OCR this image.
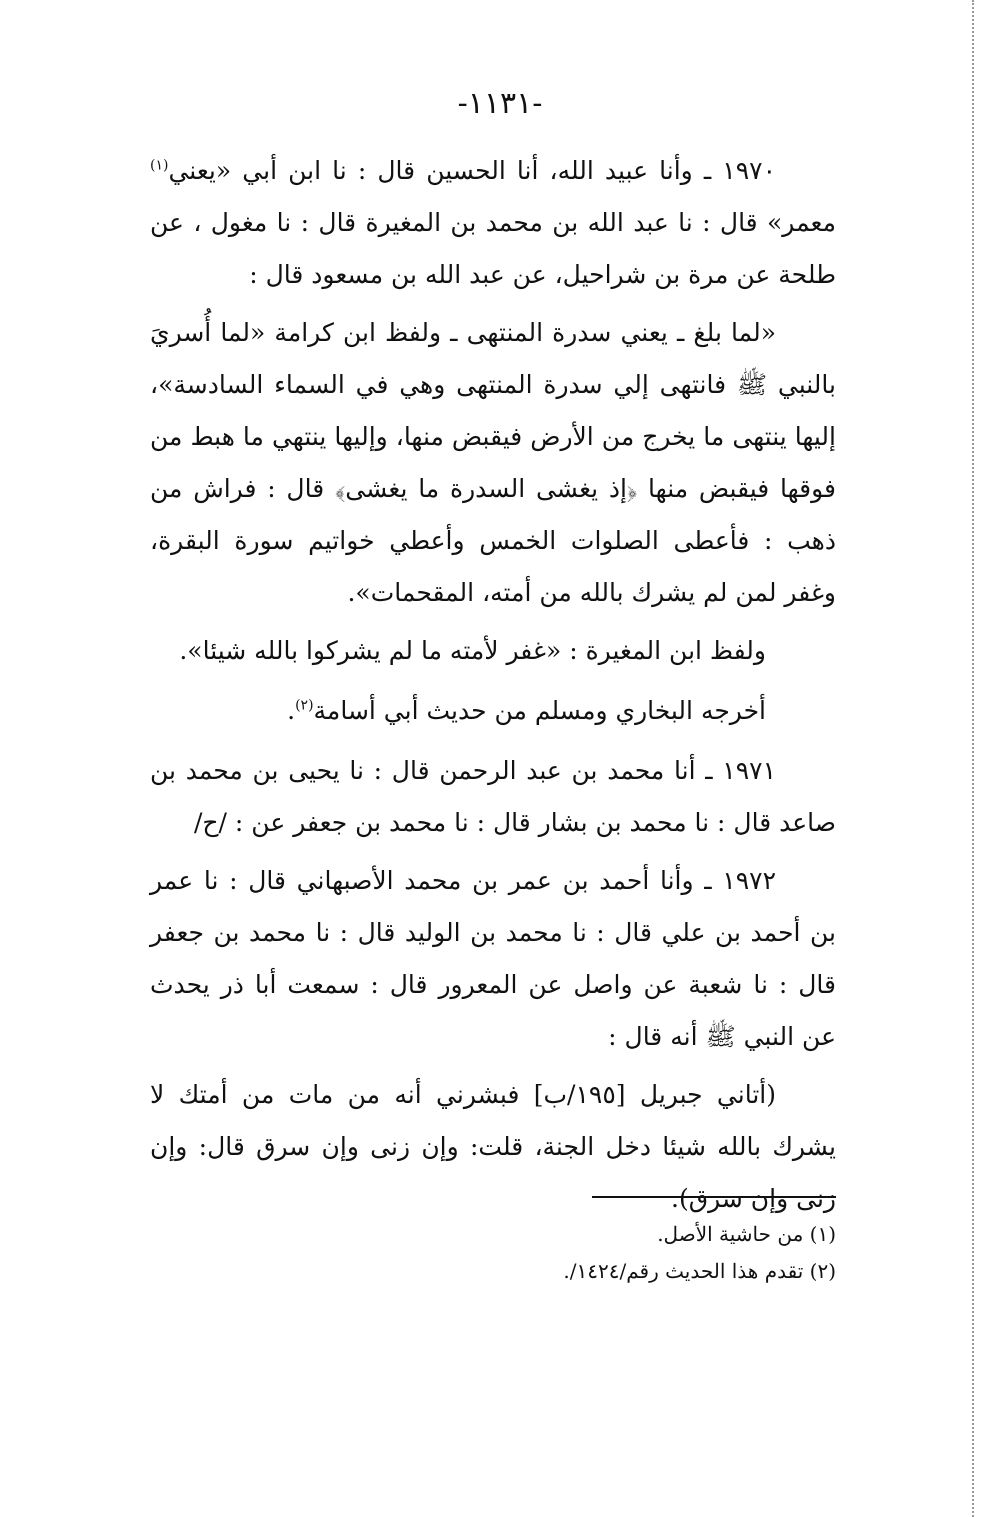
-١١٣١-

١٩٧٠ ـ وأنا عبيد الله، أنا الحسين قال : نا ابن أبي «يعني$^{(١)}$ معمر» قال : نا عبد الله بن محمد بن المغيرة قال : نا مغول ، عن طلحة عن مرة بن شراحيل، عن عبد الله بن مسعود قال :

«لما بلغ ـ يعني سدرة المنتهى ـ ولفظ ابن كرامة «لما أُسريَ بالنبي ﷺ فانتهى إلي سدرة المنتهى وهي في السماء السادسة»، إليها ينتهى ما يخرج من الأرض فيقبض منها، وإليها ينتهي ما هبط من فوقها فيقبض منها ﴿إذ يغشى السدرة ما يغشى﴾ قال : فراش من ذهب : فأعطى الصلوات الخمس وأعطي خواتيم سورة البقرة، وغفر لمن لم يشرك بالله من أمته، المقحمات».

ولفظ ابن المغيرة : «غفر لأمته ما لم يشركوا بالله شيئا».

أخرجه البخاري ومسلم من حديث أبي أسامة$^{(٢)}$.

١٩٧١ ـ أنا محمد بن عبد الرحمن قال : نا يحيى بن محمد بن صاعد قال : نا محمد بن بشار قال : نا محمد بن جعفر عن : /ح/

١٩٧٢ ـ وأنا أحمد بن عمر بن محمد الأصبهاني قال : نا عمر بن أحمد بن علي قال : نا محمد بن الوليد قال : نا محمد بن جعفر قال : نا شعبة عن واصل عن المعرور قال : سمعت أبا ذر يحدث عن النبي ﷺ أنه قال :

(أتاني جبريل [١٩٥/ب] فبشرني أنه من مات من أمتك لا يشرك بالله شيئا دخل الجنة، قلت: وإن زنى وإن سرق قال: وإن زنى وإن سرق).

(١) من حاشية الأصل.
(٢) تقدم هذا الحديث رقم/١٤٢٤/.
